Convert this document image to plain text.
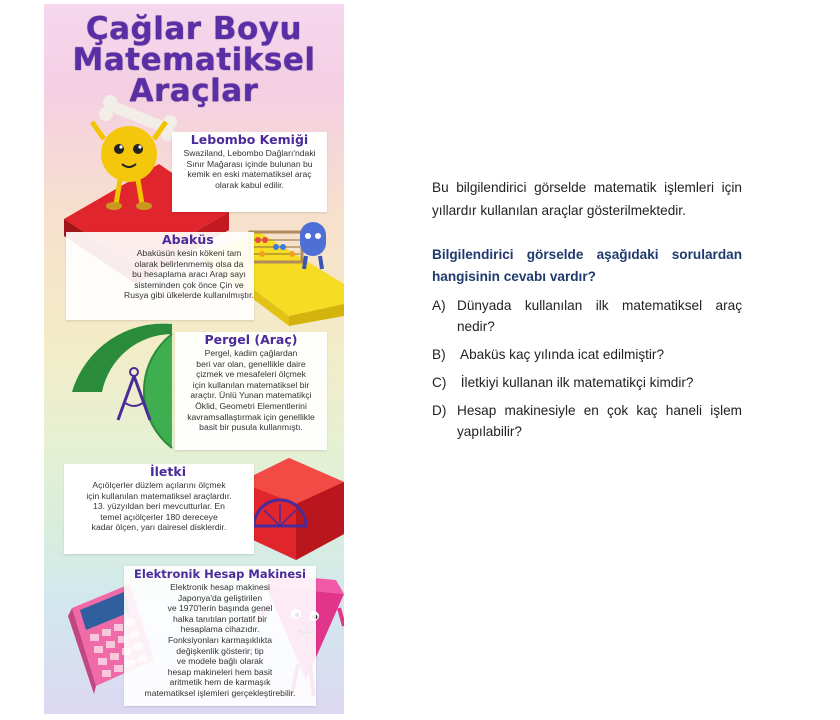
Çağlar Boyu
Matematiksel
Araçlar
Lebombo Kemiği
Swaziland, Lebombo Dağları'ndaki
Sınır Mağarası içinde bulunan bu
kemik en eski matematiksel araç
olarak kabul edilir.
Abaküs
Abaküsün kesin kökeni tam
olarak belirlenmemiş olsa da
bu hesaplama aracı Arap sayı
sisteminden çok önce Çin ve
Rusya gibi ülkelerde kullanılmıştır.
Pergel (Araç)
Pergel, kadim çağlardan
beri var olan, genellikle daire
çizmek ve mesafeleri ölçmek
için kullanılan matematiksel bir
araçtır. Ünlü Yunan matematikçi
Öklid, Geometri Elementlerini
kavramsallaştırmak için genellikle
basit bir pusula kullanmıştı.
İletki
Açıölçerler düzlem açılarını ölçmek
için kullanılan matematiksel araçlardır.
13. yüzyıldan beri mevcutturlar. En
temel açıölçerler 180 dereceye
kadar ölçen, yarı dairesel disklerdir.
Elektronik Hesap Makinesi
Elektronik hesap makinesi
Japonya'da geliştirilen
ve 1970'lerin başında genel
halka tanıtılan portatif bir
hesaplama cihazıdır.
Fonksiyonları karmaşıklıkta
değişkenlik gösterir; tip
ve modele bağlı olarak
hesap makineleri hem basit
aritmetik hem de karmaşık
matematiksel işlemleri gerçekleştirebilir.
Bu bilgilendirici görselde matematik işlemleri için yıllardır kullanılan araçlar gösterilmektedir.
Bilgilendirici görselde aşağıdaki sorulardan hangisinin cevabı vardır?
A) Dünyada kullanılan ilk matematiksel araç nedir?
B) Abaküs kaç yılında icat edilmiştir?
C) İletkiyi kullanan ilk matematikçi kimdir?
D) Hesap makinesiyle en çok kaç haneli işlem yapılabilir?
